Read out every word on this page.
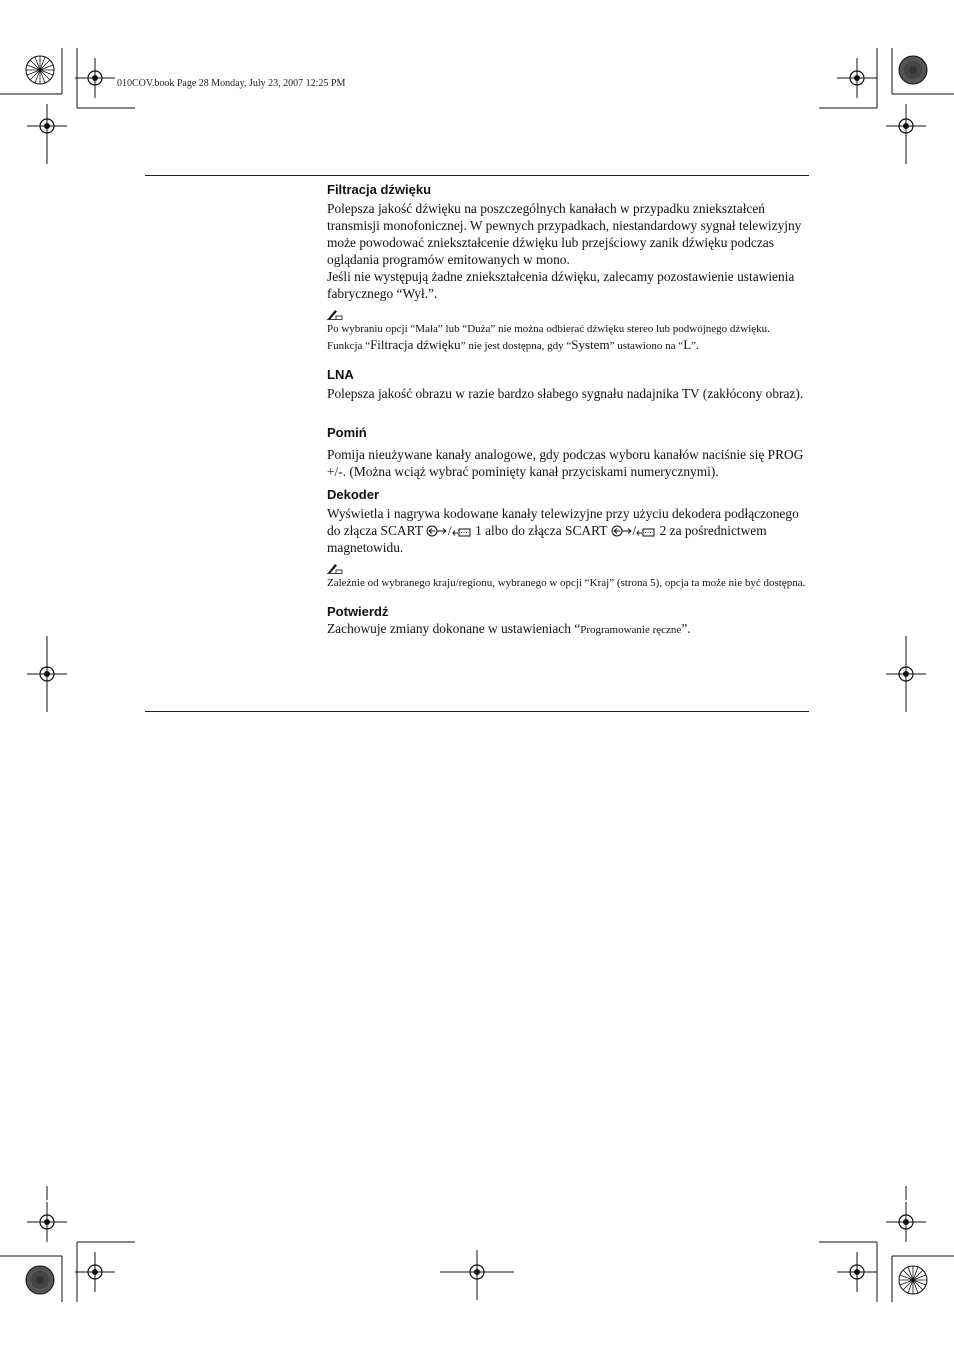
010COV.book Page 28 Monday, July 23, 2007 12:25 PM

Filtracja dźwięku

Polepsza jakość dźwięku na poszczególnych kanałach w przypadku zniekształceń transmisji monofonicznej. W pewnych przypadkach, niestandardowy sygnał telewizyjny może powodować zniekształcenie dźwięku lub przejściowy zanik dźwięku podczas oglądania programów emitowanych w mono.
Jeśli nie występują żadne zniekształcenia dźwięku, zalecamy pozostawienie ustawienia fabrycznego “Wył.”.

Po wybraniu opcji “Mała” lub “Duża” nie można odbierać dźwięku stereo lub podwójnego dźwięku.

Funkcja “Filtracja dźwięku” nie jest dostępna, gdy “System” ustawiono na “L”.

LNA

Polepsza jakość obrazu w razie bardzo słabego sygnału nadajnika TV (zakłócony obraz).

Pomiń

Pomija nieużywane kanały analogowe, gdy podczas wyboru kanałów naciśnie się PROG +/-. (Można wciąż wybrać pominięty kanał przyciskami numerycznymi).

Dekoder

Wyświetla i nagrywa kodowane kanały telewizyjne przy użyciu dekodera podłączonego do złącza SCART / 1 albo do złącza SCART / 2 za pośrednictwem magnetowidu.

Zależnie od wybranego kraju/regionu, wybranego w opcji “Kraj” (strona 5), opcja ta może nie być dostępna.

Potwierdź

Zachowuje zmiany dokonane w ustawieniach “Programowanie ręczne”.
